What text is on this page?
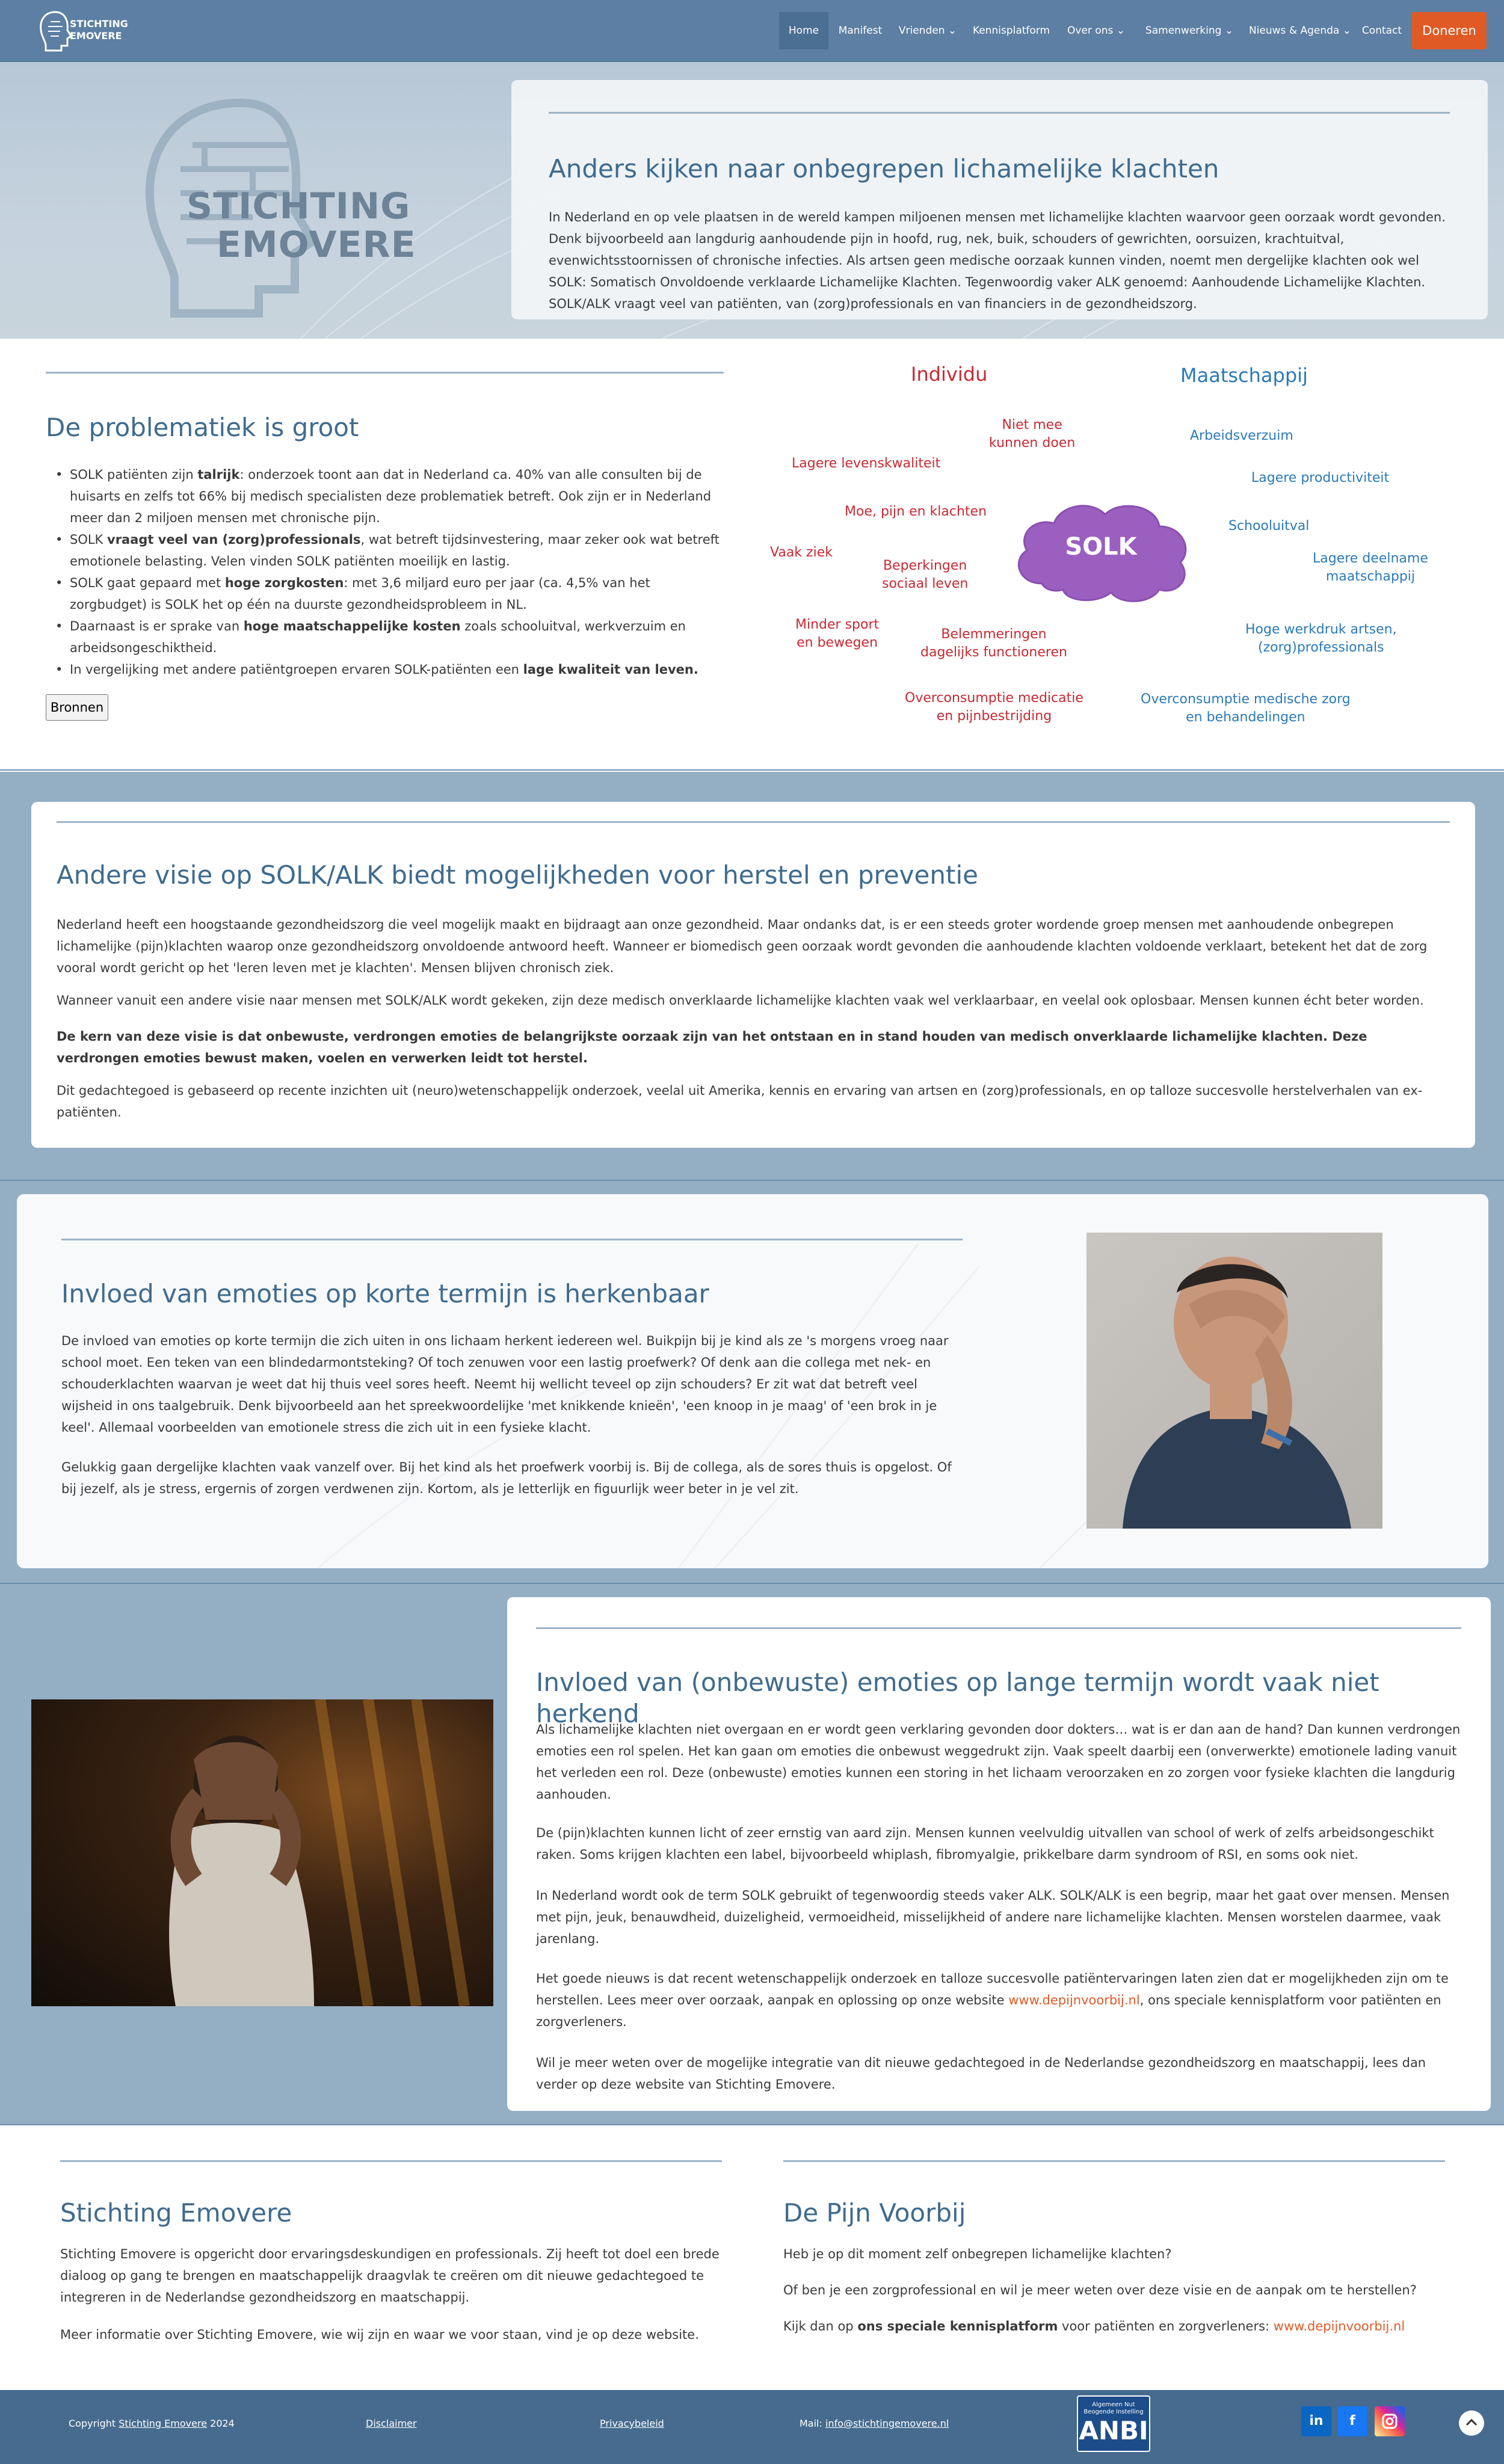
STICHTING
EMOVERE	Home	Manifest	Vrienden ⌄	Kennisplatform	Over ons ⌄	Samenwerking ⌄	Nieuws & Agenda ⌄ Contact	Doneren
STICHTING
EMOVERE
Anders kijken naar onbegrepen lichamelijke klachten

In Nederland en op vele plaatsen in de wereld kampen miljoenen mensen met lichamelijke klachten waarvoor geen oorzaak wordt gevonden. Denk bijvoorbeeld aan langdurig aanhoudende pijn in hoofd, rug, nek, buik, schouders of gewrichten, oorsuizen, krachtuitval, evenwichtsstoornissen of chronische infecties. Als artsen geen medische oorzaak kunnen vinden, noemt men dergelijke klachten ook wel SOLK: Somatisch Onvoldoende verklaarde Lichamelijke Klachten. Tegenwoordig vaker ALK genoemd: Aanhoudende Lichamelijke Klachten. SOLK/ALK vraagt veel van patiënten, van (zorg)professionals en van financiers in de gezondheidszorg.

De problematiek is groot
• SOLK patiënten zijn talrijk: onderzoek toont aan dat in Nederland ca. 40% van alle consulten bij de huisarts en zelfs tot 66% bij medisch specialisten deze problematiek betreft. Ook zijn er in Nederland meer dan 2 miljoen mensen met chronische pijn.
• SOLK vraagt veel van (zorg)professionals, wat betreft tijdsinvestering, maar zeker ook wat betreft emotionele belasting. Velen vinden SOLK patiënten moeilijk en lastig.
• SOLK gaat gepaard met hoge zorgkosten: met 3,6 miljard euro per jaar (ca. 4,5% van het zorgbudget) is SOLK het op één na duurste gezondheidsprobleem in NL.
• Daarnaast is er sprake van hoge maatschappelijke kosten zoals schooluitval, werkverzuim en arbeidsongeschiktheid.
• In vergelijking met andere patiëntgroepen ervaren SOLK-patiënten een lage kwaliteit van leven.
Bronnen
Individu	Maatschappij
SOLK
Niet mee
kunnen doen
Lagere levenskwaliteit
Moe, pijn en klachten
Vaak ziek
Beperkingen
sociaal leven
Minder sport
en bewegen
Belemmeringen
dagelijks functioneren
Overconsumptie medicatie
en pijnbestrijding
Arbeidsverzuim
Lagere productiviteit
Schooluitval
Lagere deelname
maatschappij
Hoge werkdruk artsen,
(zorg)professionals
Overconsumptie medische zorg
en behandelingen
Andere visie op SOLK/ALK biedt mogelijkheden voor herstel en preventie

Nederland heeft een hoogstaande gezondheidszorg die veel mogelijk maakt en bijdraagt aan onze gezondheid. Maar ondanks dat, is er een steeds groter wordende groep mensen met aanhoudende onbegrepen lichamelijke (pijn)klachten waarop onze gezondheidszorg onvoldoende antwoord heeft. Wanneer er biomedisch geen oorzaak wordt gevonden die aanhoudende klachten voldoende verklaart, betekent het dat de zorg vooral wordt gericht op het 'leren leven met je klachten'. Mensen blijven chronisch ziek.

Wanneer vanuit een andere visie naar mensen met SOLK/ALK wordt gekeken, zijn deze medisch onverklaarde lichamelijke klachten vaak wel verklaarbaar, en veelal ook oplosbaar. Mensen kunnen écht beter worden.

De kern van deze visie is dat onbewuste, verdrongen emoties de belangrijkste oorzaak zijn van het ontstaan en in stand houden van medisch onverklaarde lichamelijke klachten. Deze verdrongen emoties bewust maken, voelen en verwerken leidt tot herstel.

Dit gedachtegoed is gebaseerd op recente inzichten uit (neuro)wetenschappelijk onderzoek, veelal uit Amerika, kennis en ervaring van artsen en (zorg)professionals, en op talloze succesvolle herstelverhalen van ex-patiënten.

Invloed van emoties op korte termijn is herkenbaar

De invloed van emoties op korte termijn die zich uiten in ons lichaam herkent iedereen wel. Buikpijn bij je kind als ze 's morgens vroeg naar school moet. Een teken van een blindedarmontsteking? Of toch zenuwen voor een lastig proefwerk? Of denk aan die collega met nek- en schouderklachten waarvan je weet dat hij thuis veel sores heeft. Neemt hij wellicht teveel op zijn schouders? Er zit wat dat betreft veel wijsheid in ons taalgebruik. Denk bijvoorbeeld aan het spreekwoordelijke 'met knikkende knieën', 'een knoop in je maag' of 'een brok in je keel'. Allemaal voorbeelden van emotionele stress die zich uit in een fysieke klacht.

Gelukkig gaan dergelijke klachten vaak vanzelf over. Bij het kind als het proefwerk voorbij is. Bij de collega, als de sores thuis is opgelost. Of bij jezelf, als je stress, ergernis of zorgen verdwenen zijn. Kortom, als je letterlijk en figuurlijk weer beter in je vel zit.

Invloed van (onbewuste) emoties op lange termijn wordt vaak niet herkend

Als lichamelijke klachten niet overgaan en er wordt geen verklaring gevonden door dokters… wat is er dan aan de hand? Dan kunnen verdrongen emoties een rol spelen. Het kan gaan om emoties die onbewust weggedrukt zijn. Vaak speelt daarbij een (onverwerkte) emotionele lading vanuit het verleden een rol. Deze (onbewuste) emoties kunnen een storing in het lichaam veroorzaken en zo zorgen voor fysieke klachten die langdurig aanhouden.

De (pijn)klachten kunnen licht of zeer ernstig van aard zijn. Mensen kunnen veelvuldig uitvallen van school of werk of zelfs arbeidsongeschikt raken. Soms krijgen klachten een label, bijvoorbeeld whiplash, fibromyalgie, prikkelbare darm syndroom of RSI, en soms ook niet.

In Nederland wordt ook de term SOLK gebruikt of tegenwoordig steeds vaker ALK. SOLK/ALK is een begrip, maar het gaat over mensen. Mensen met pijn, jeuk, benauwdheid, duizeligheid, vermoeidheid, misselijkheid of andere nare lichamelijke klachten. Mensen worstelen daarmee, vaak jarenlang.

Het goede nieuws is dat recent wetenschappelijk onderzoek en talloze succesvolle patiëntervaringen laten zien dat er mogelijkheden zijn om te herstellen. Lees meer over oorzaak, aanpak en oplossing op onze website www.depijnvoorbij.nl, ons speciale kennisplatform voor patiënten en zorgverleners.

Wil je meer weten over de mogelijke integratie van dit nieuwe gedachtegoed in de Nederlandse gezondheidszorg en maatschappij, lees dan verder op deze website van Stichting Emovere.

Stichting Emovere

Stichting Emovere is opgericht door ervaringsdeskundigen en professionals. Zij heeft tot doel een brede dialoog op gang te brengen en maatschappelijk draagvlak te creëren om dit nieuwe gedachtegoed te integreren in de Nederlandse gezondheidszorg en maatschappij.

Meer informatie over Stichting Emovere, wie wij zijn en waar we voor staan, vind je op deze website.

De Pijn Voorbij

Heb je op dit moment zelf onbegrepen lichamelijke klachten?

Of ben je een zorgprofessional en wil je meer weten over deze visie en de aanpak om te herstellen?

Kijk dan op ons speciale kennisplatform voor patiënten en zorgverleners: www.depijnvoorbij.nl

Copyright Stichting Emovere 2024	Disclaimer	Privacybeleid	Mail: info@stichtingemovere.nl
Algemeen Nut Beogende Instelling
ANBI	in	f
